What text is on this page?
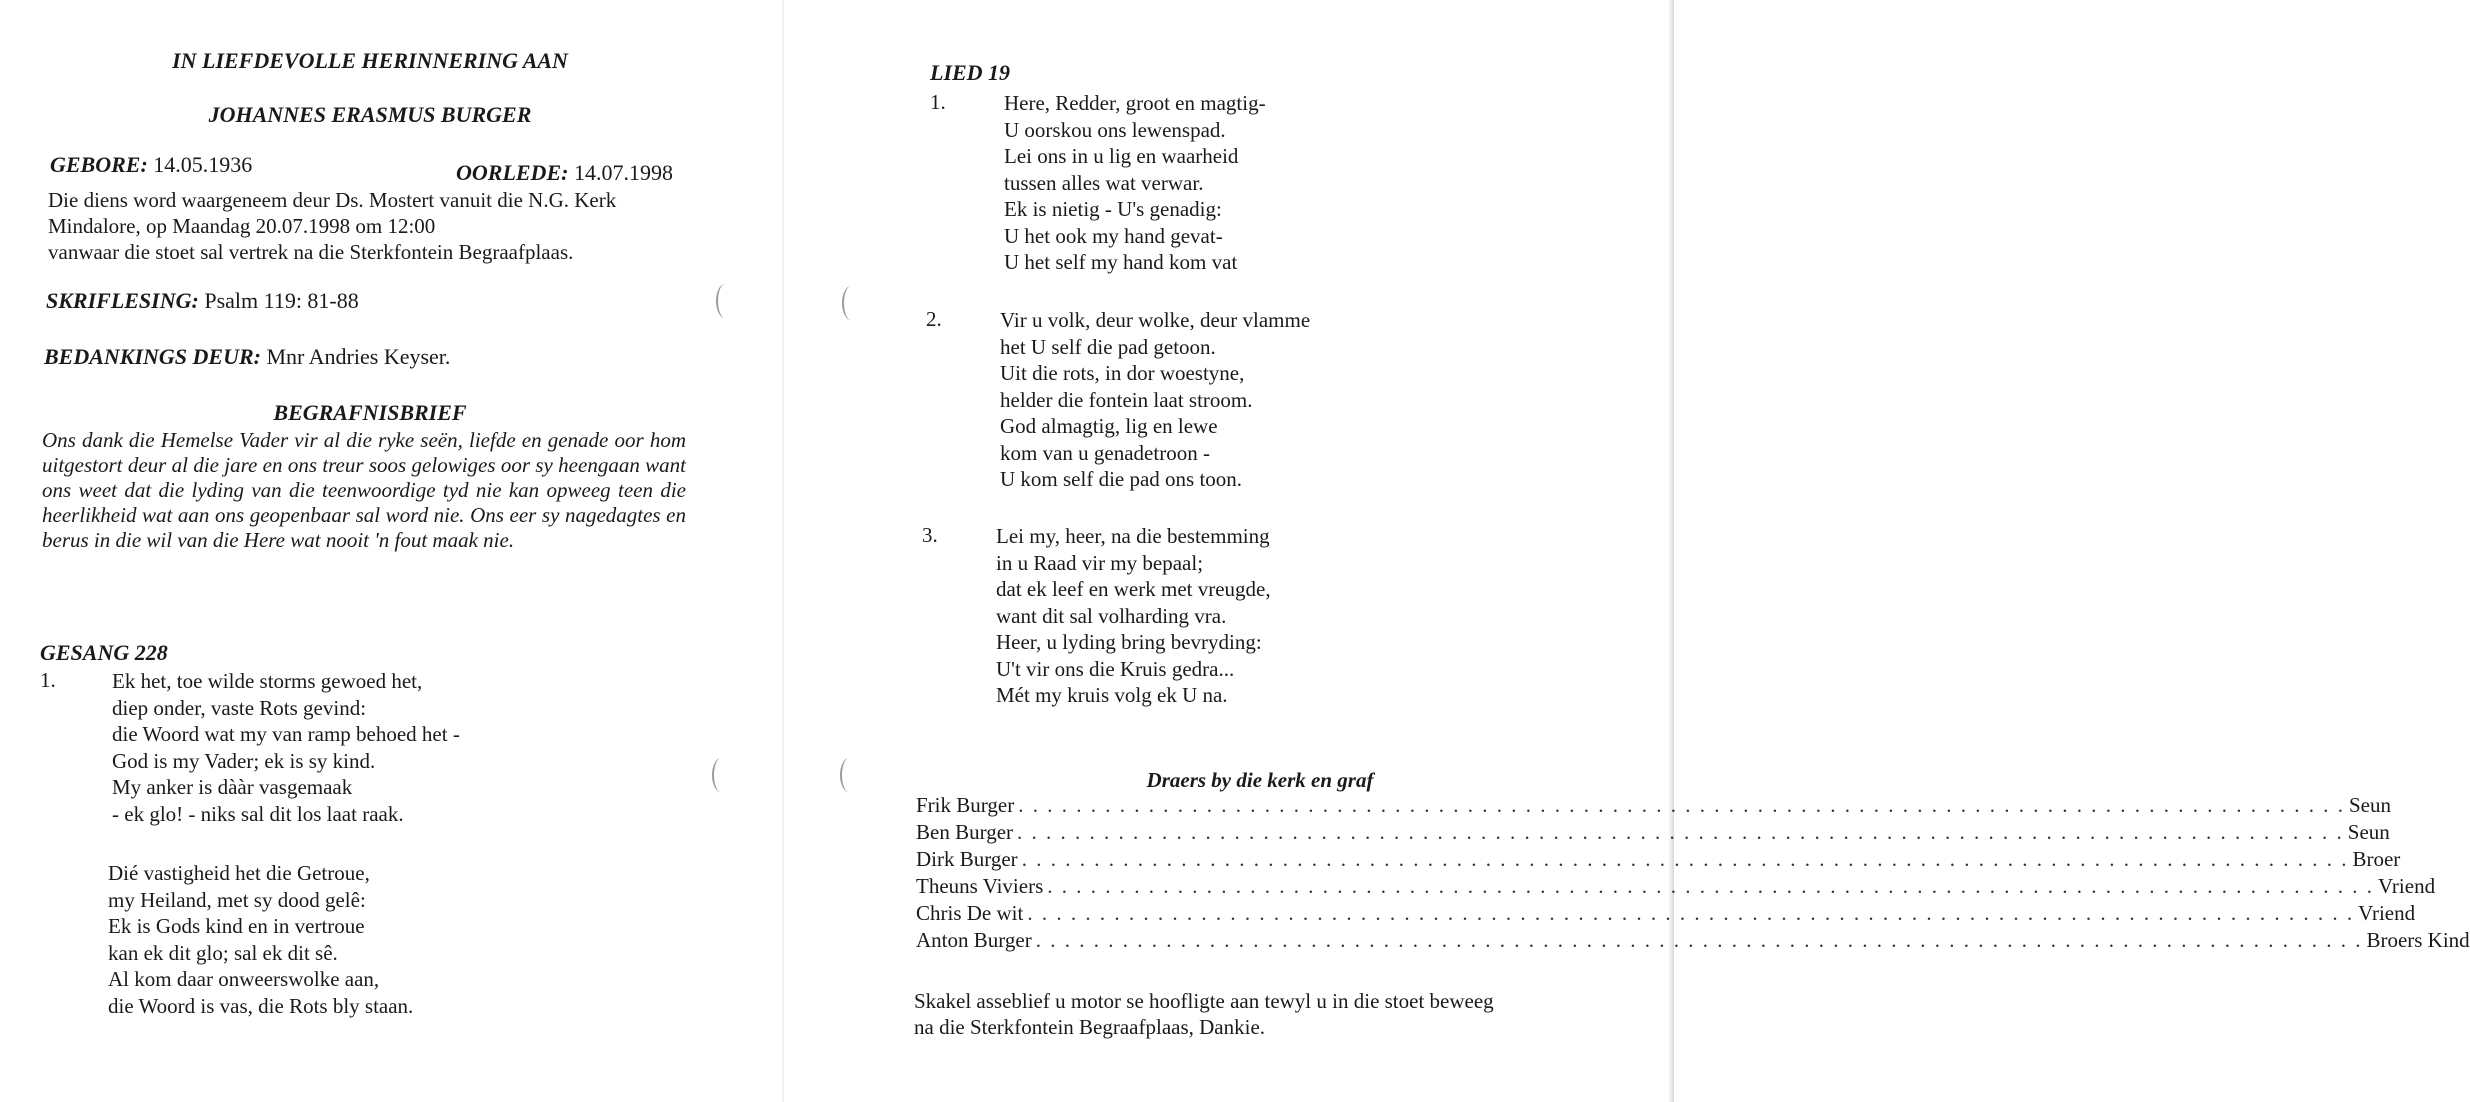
IN LIEFDEVOLLE HERINNERING AAN
JOHANNES ERASMUS BURGER
GEBORE: 14.05.1936	OORLEDE: 14.07.1998
Die diens word waargeneem deur Ds. Mostert vanuit die N.G. Kerk
Mindalore, op Maandag 20.07.1998 om 12:00
vanwaar die stoet sal vertrek na die Sterkfontein Begraafplaas.
SKRIFLESING: Psalm 119: 81-88
BEDANKINGS DEUR: Mnr Andries Keyser.
BEGRAFNISBRIEF
Ons dank die Hemelse Vader vir al die ryke seën, liefde en genade oor hom uitgestort deur al die jare en ons treur soos gelowiges oor sy heengaan want ons weet dat die lyding van die teenwoordige tyd nie kan opweeg teen die heerlikheid wat aan ons geopenbaar sal word nie. Ons eer sy nagedagtes en berus in die wil van die Here wat nooit 'n fout maak nie.
GESANG 228
1.	Ek het, toe wilde storms gewoed het,
diep onder, vaste Rots gevind:
die Woord wat my van ramp behoed het -
God is my Vader; ek is sy kind.
My anker is dààr vasgemaak
- ek glo! - niks sal dit los laat raak.
Dié vastigheid het die Getroue,
my Heiland, met sy dood gelê:
Ek is Gods kind en in vertroue
kan ek dit glo; sal ek dit sê.
Al kom daar onweerswolke aan,
die Woord is vas, die Rots bly staan.
LIED 19
1.	Here, Redder, groot en magtig-
U oorskou ons lewenspad.
Lei ons in u lig en waarheid
tussen alles wat verwar.
Ek is nietig - U's genadig:
U het ook my hand gevat-
U het self my hand kom vat
2.	Vir u volk, deur wolke, deur vlamme
het U self die pad getoon.
Uit die rots, in dor woestyne,
helder die fontein laat stroom.
God almagtig, lig en lewe
kom van u genadetroon -
U kom self die pad ons toon.
3.	Lei my, heer, na die bestemming
in u Raad vir my bepaal;
dat ek leef en werk met vreugde,
want dit sal volharding vra.
Heer, u lyding bring bevryding:
U't vir ons die Kruis gedra...
Mét my kruis volg ek U na.
Draers by die kerk en graf
Frik Burger . . . . . . . . . . . . . . . . . . . . . . . . . . . . . . . . . . . . . . . . . . . . . . . . . . . . . . . . . . . . . . . . . . . . . . . . . . . . . . . . . . . . . . . . . . . . Seun
Ben Burger . . . . . . . . . . . . . . . . . . . . . . . . . . . . . . . . . . . . . . . . . . . . . . . . . . . . . . . . . . . . . . . . . . . . . . . . . . . . . . . . . . . . . . . . . . . . Seun
Dirk Burger . . . . . . . . . . . . . . . . . . . . . . . . . . . . . . . . . . . . . . . . . . . . . . . . . . . . . . . . . . . . . . . . . . . . . . . . . . . . . . . . . . . . . . . . . . . . Broer
Theuns Viviers . . . . . . . . . . . . . . . . . . . . . . . . . . . . . . . . . . . . . . . . . . . . . . . . . . . . . . . . . . . . . . . . . . . . . . . . . . . . . . . . . . . . . . . . . . . . Vriend
Chris De wit . . . . . . . . . . . . . . . . . . . . . . . . . . . . . . . . . . . . . . . . . . . . . . . . . . . . . . . . . . . . . . . . . . . . . . . . . . . . . . . . . . . . . . . . . . . . Vriend
Anton Burger . . . . . . . . . . . . . . . . . . . . . . . . . . . . . . . . . . . . . . . . . . . . . . . . . . . . . . . . . . . . . . . . . . . . . . . . . . . . . . . . . . . . . . . . . . . . Broers Kind
Skakel asseblief u motor se hoofligte aan tewyl u in die stoet beweeg
na die Sterkfontein Begraafplaas, Dankie.
